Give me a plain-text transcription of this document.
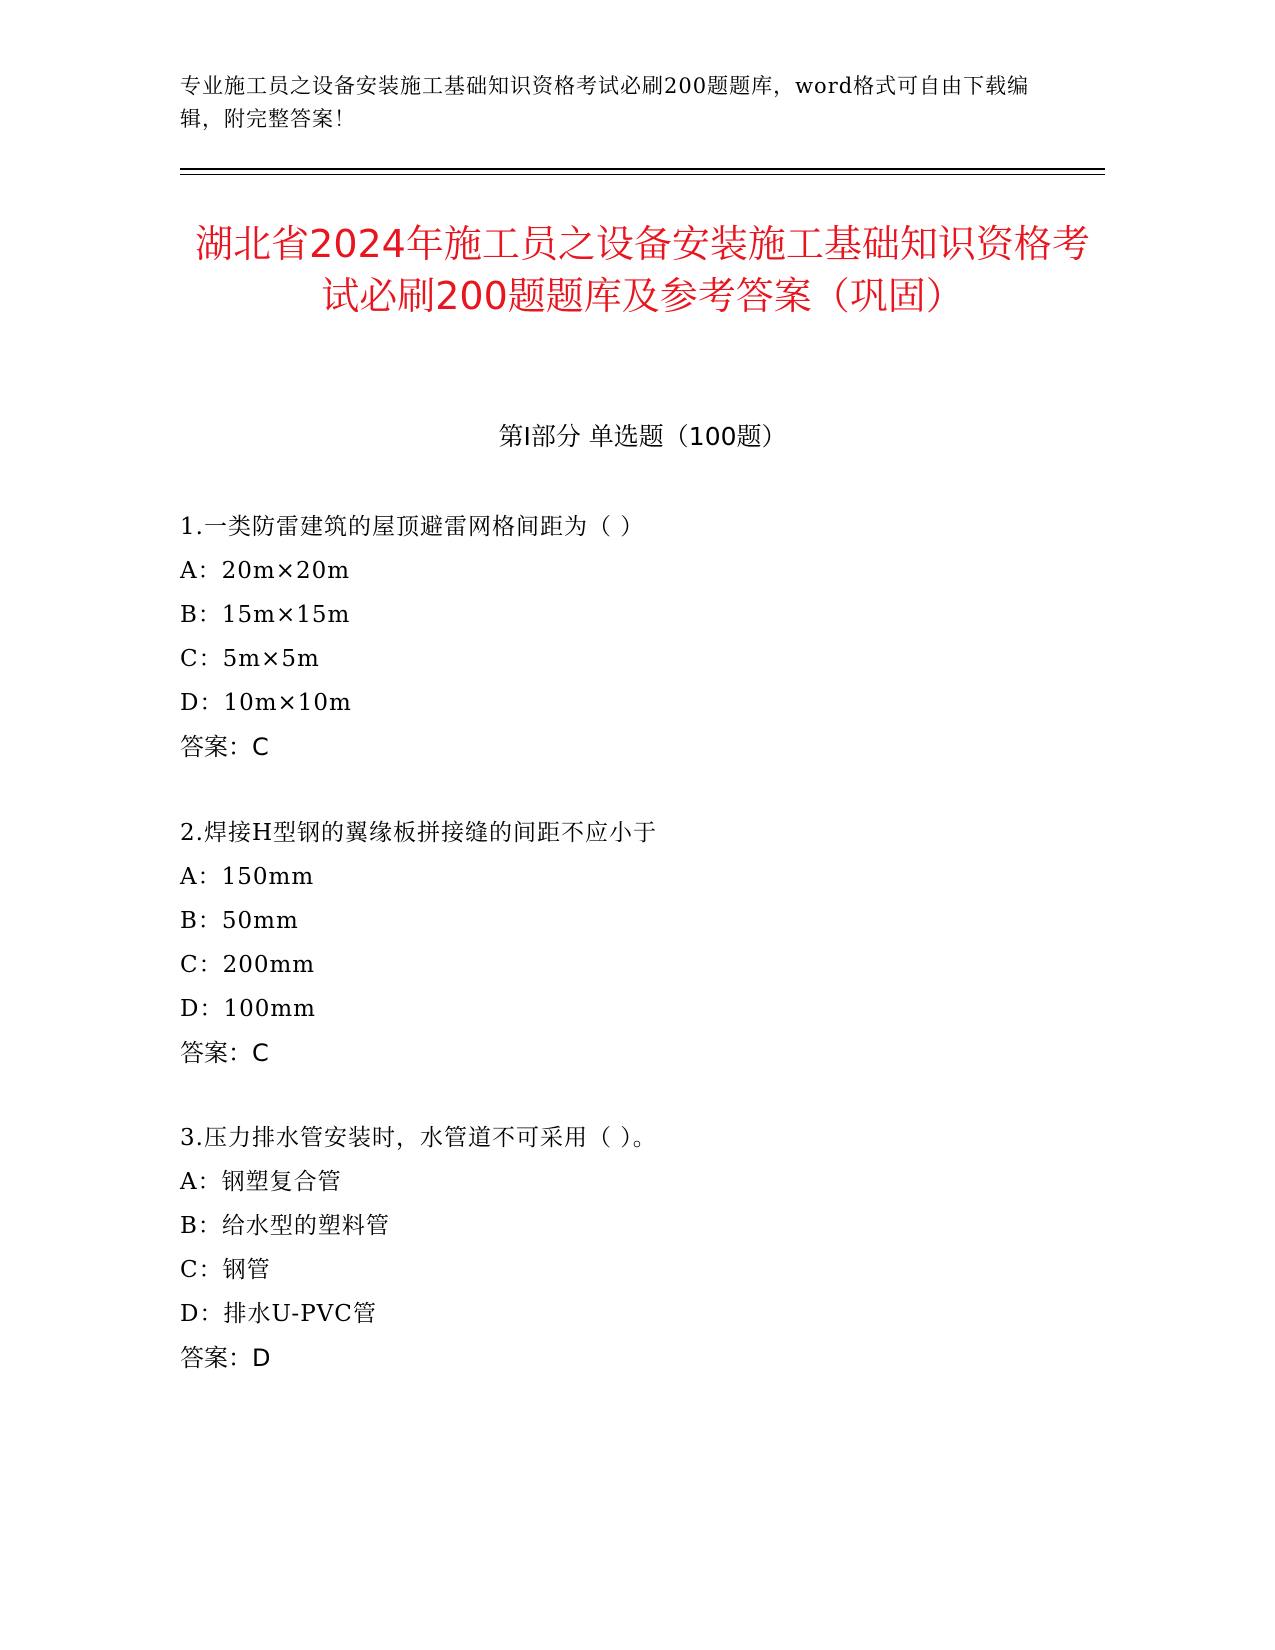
专业施工员之设备安装施工基础知识资格考试必刷200题题库，word格式可自由下载编辑，附完整答案！
湖北省2024年施工员之设备安装施工基础知识资格考试必刷200题题库及参考答案（巩固）
第Ⅰ部分 单选题（100题）
1.一类防雷建筑的屋顶避雷网格间距为（ ）
A：20m×20m
B：15m×15m
C：5m×5m
D：10m×10m
答案：C
2.焊接H型钢的翼缘板拼接缝的间距不应小于
A：150mm
B：50mm
C：200mm
D：100mm
答案：C
3.压力排水管安装时，水管道不可采用（ ）。
A：钢塑复合管
B：给水型的塑料管
C：钢管
D：排水U-PVC管
答案：D
